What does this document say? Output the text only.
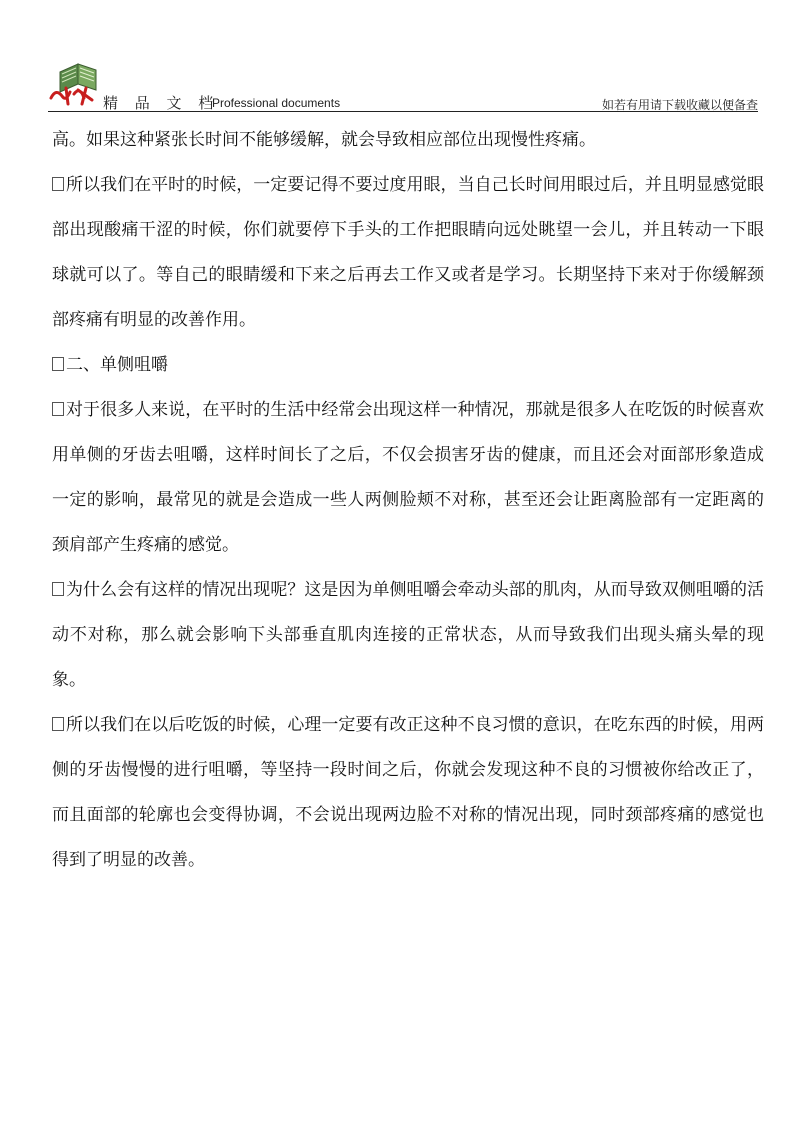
精 品 文 档
Professional documents	如若有用请下载收藏以便备查

高。如果这种紧张长时间不能够缓解，就会导致相应部位出现慢性疼痛。

所以我们在平时的时候，一定要记得不要过度用眼，当自己长时间用眼过后，并且明显感觉眼部出现酸痛干涩的时候，你们就要停下手头的工作把眼睛向远处眺望一会儿，并且转动一下眼球就可以了。等自己的眼睛缓和下来之后再去工作又或者是学习。长期坚持下来对于你缓解颈部疼痛有明显的改善作用。

二、单侧咀嚼

对于很多人来说，在平时的生活中经常会出现这样一种情况，那就是很多人在吃饭的时候喜欢用单侧的牙齿去咀嚼，这样时间长了之后，不仅会损害牙齿的健康，而且还会对面部形象造成一定的影响，最常见的就是会造成一些人两侧脸颊不对称，甚至还会让距离脸部有一定距离的颈肩部产生疼痛的感觉。

为什么会有这样的情况出现呢？这是因为单侧咀嚼会牵动头部的肌肉，从而导致双侧咀嚼的活动不对称，那么就会影响下头部垂直肌肉连接的正常状态，从而导致我们出现头痛头晕的现象。

所以我们在以后吃饭的时候，心理一定要有改正这种不良习惯的意识，在吃东西的时候，用两侧的牙齿慢慢的进行咀嚼，等坚持一段时间之后，你就会发现这种不良的习惯被你给改正了，而且面部的轮廓也会变得协调，不会说出现两边脸不对称的情况出现，同时颈部疼痛的感觉也得到了明显的改善。
